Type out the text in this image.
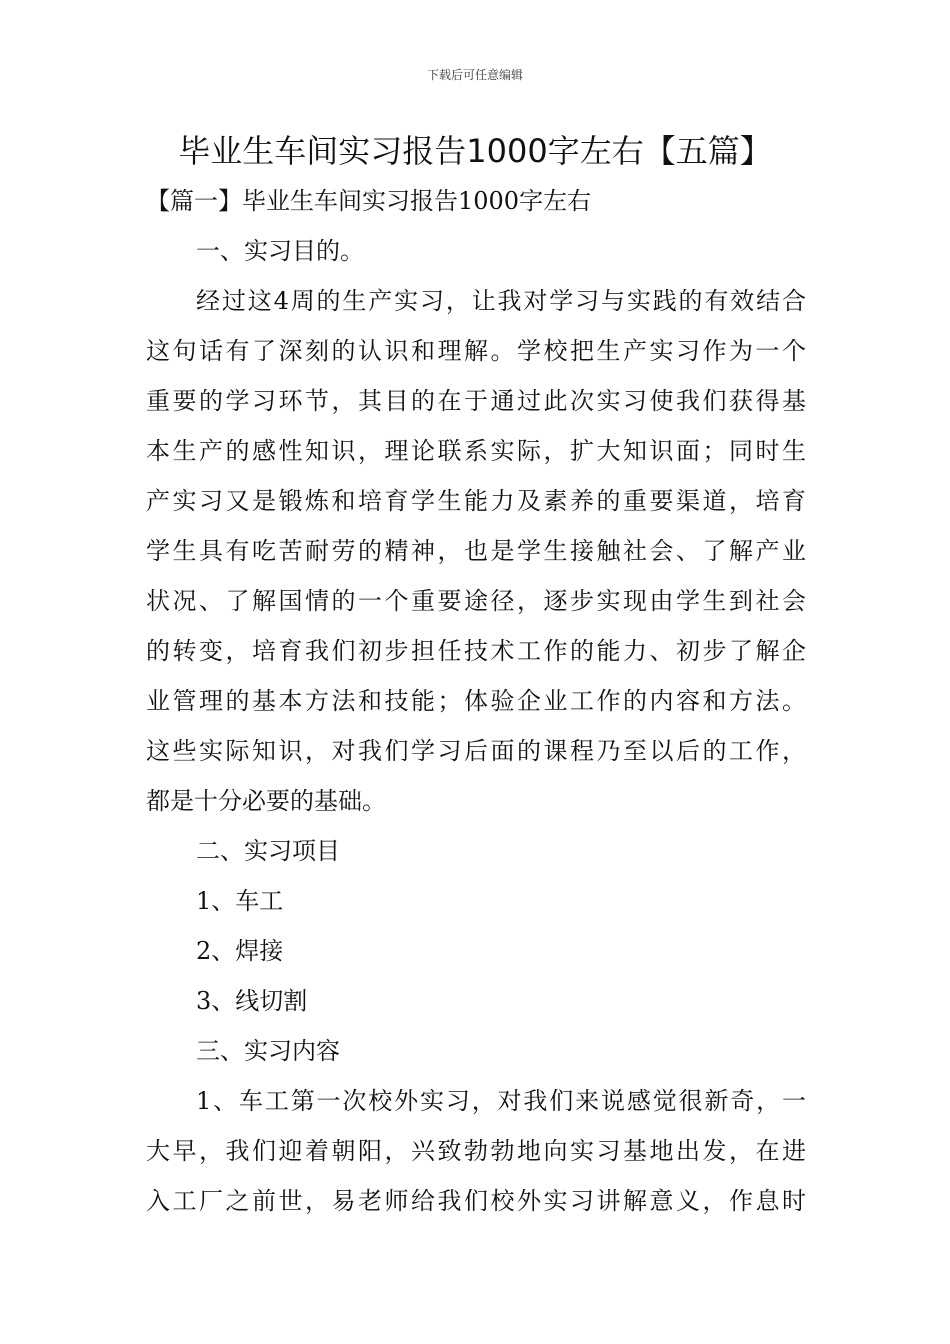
下载后可任意编辑
毕业生车间实习报告1000字左右【五篇】

【篇一】毕业生车间实习报告1000字左右

一、实习目的。

经过这4周的生产实习，让我对学习与实践的有效结合
这句话有了深刻的认识和理解。学校把生产实习作为一个
重要的学习环节，其目的在于通过此次实习使我们获得基
本生产的感性知识，理论联系实际，扩大知识面；同时生
产实习又是锻炼和培育学生能力及素养的重要渠道，培育
学生具有吃苦耐劳的精神，也是学生接触社会、了解产业
状况、了解国情的一个重要途径，逐步实现由学生到社会
的转变，培育我们初步担任技术工作的能力、初步了解企
业管理的基本方法和技能；体验企业工作的内容和方法。
这些实际知识，对我们学习后面的课程乃至以后的工作，
都是十分必要的基础。

二、实习项目

1、车工

2、焊接

3、线切割

三、实习内容

1、车工第一次校外实习，对我们来说感觉很新奇，一
大早，我们迎着朝阳，兴致勃勃地向实习基地出发，在进
入工厂之前世，易老师给我们校外实习讲解意义，作息时
